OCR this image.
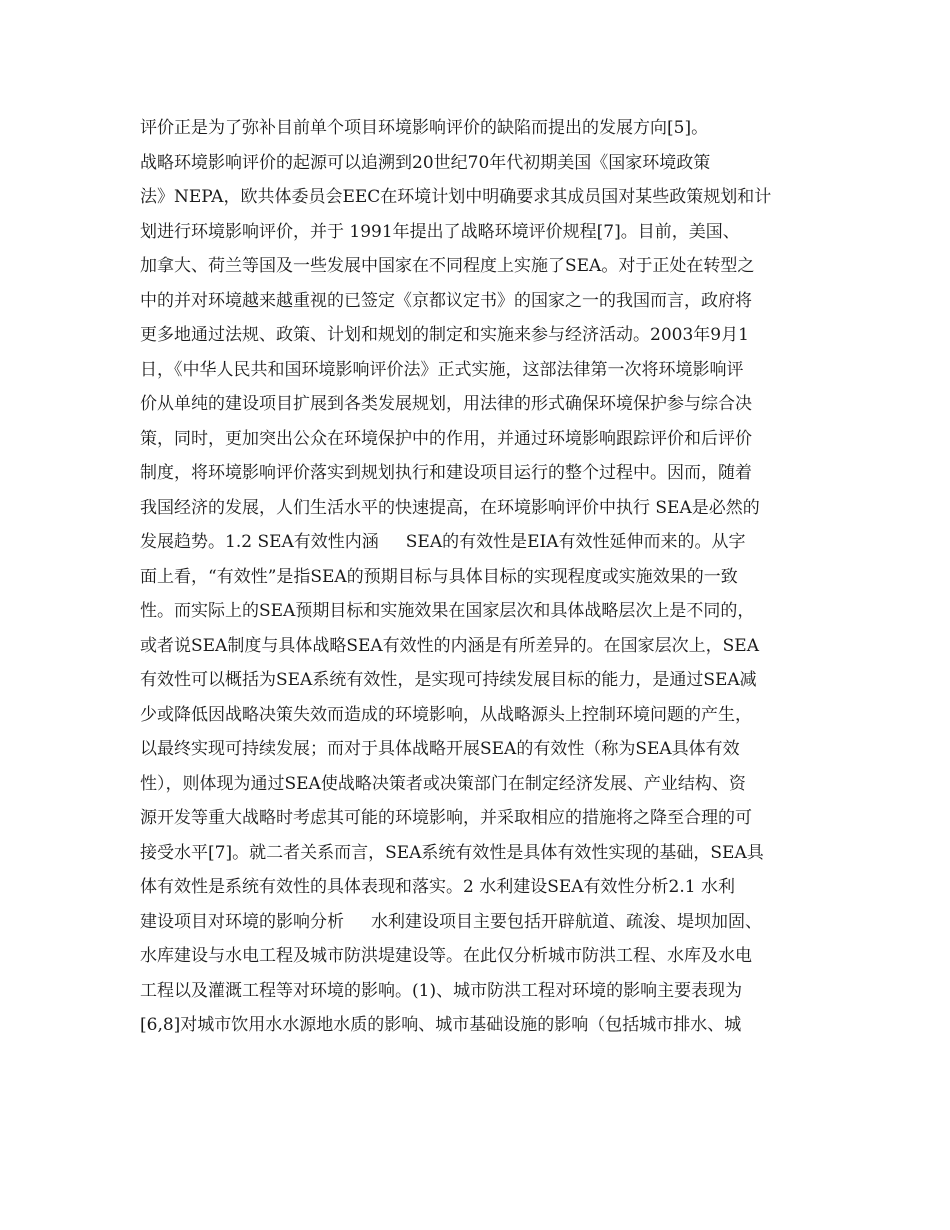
评价正是为了弥补目前单个项目环境影响评价的缺陷而提出的发展方向[5]。
战略环境影响评价的起源可以追溯到20世纪70年代初期美国《国家环境政策
法》NEPA，欧共体委员会EEC在环境计划中明确要求其成员国对某些政策规划和计
划进行环境影响评价，并于 1991年提出了战略环境评价规程[7]。目前，美国、
加拿大、荷兰等国及一些发展中国家在不同程度上实施了SEA。对于正处在转型之
中的并对环境越来越重视的已签定《京都议定书》的国家之一的我国而言，政府将
更多地通过法规、政策、计划和规划的制定和实施来参与经济活动。2003年9月1
日，《中华人民共和国环境影响评价法》正式实施，这部法律第一次将环境影响评
价从单纯的建设项目扩展到各类发展规划，用法律的形式确保环境保护参与综合决
策，同时，更加突出公众在环境保护中的作用，并通过环境影响跟踪评价和后评价
制度，将环境影响评价落实到规划执行和建设项目运行的整个过程中。因而，随着
我国经济的发展，人们生活水平的快速提高，在环境影响评价中执行 SEA是必然的
发展趋势。1.2 SEA有效性内涵     SEA的有效性是EIA有效性延伸而来的。从字
面上看，“有效性”是指SEA的预期目标与具体目标的实现程度或实施效果的一致
性。而实际上的SEA预期目标和实施效果在国家层次和具体战略层次上是不同的，
或者说SEA制度与具体战略SEA有效性的内涵是有所差异的。在国家层次上，SEA
有效性可以概括为SEA系统有效性，是实现可持续发展目标的能力，是通过SEA减
少或降低因战略决策失效而造成的环境影响，从战略源头上控制环境问题的产生，
以最终实现可持续发展；而对于具体战略开展SEA的有效性（称为SEA具体有效
性），则体现为通过SEA使战略决策者或决策部门在制定经济发展、产业结构、资
源开发等重大战略时考虑其可能的环境影响，并采取相应的措施将之降至合理的可
接受水平[7]。就二者关系而言，SEA系统有效性是具体有效性实现的基础，SEA具
体有效性是系统有效性的具体表现和落实。2 水利建设SEA有效性分析2.1 水利
建设项目对环境的影响分析     水利建设项目主要包括开辟航道、疏浚、堤坝加固、
水库建设与水电工程及城市防洪堤建设等。在此仅分析城市防洪工程、水库及水电
工程以及灌溉工程等对环境的影响。(1)、城市防洪工程对环境的影响主要表现为
[6,8]对城市饮用水水源地水质的影响、城市基础设施的影响（包括城市排水、城
